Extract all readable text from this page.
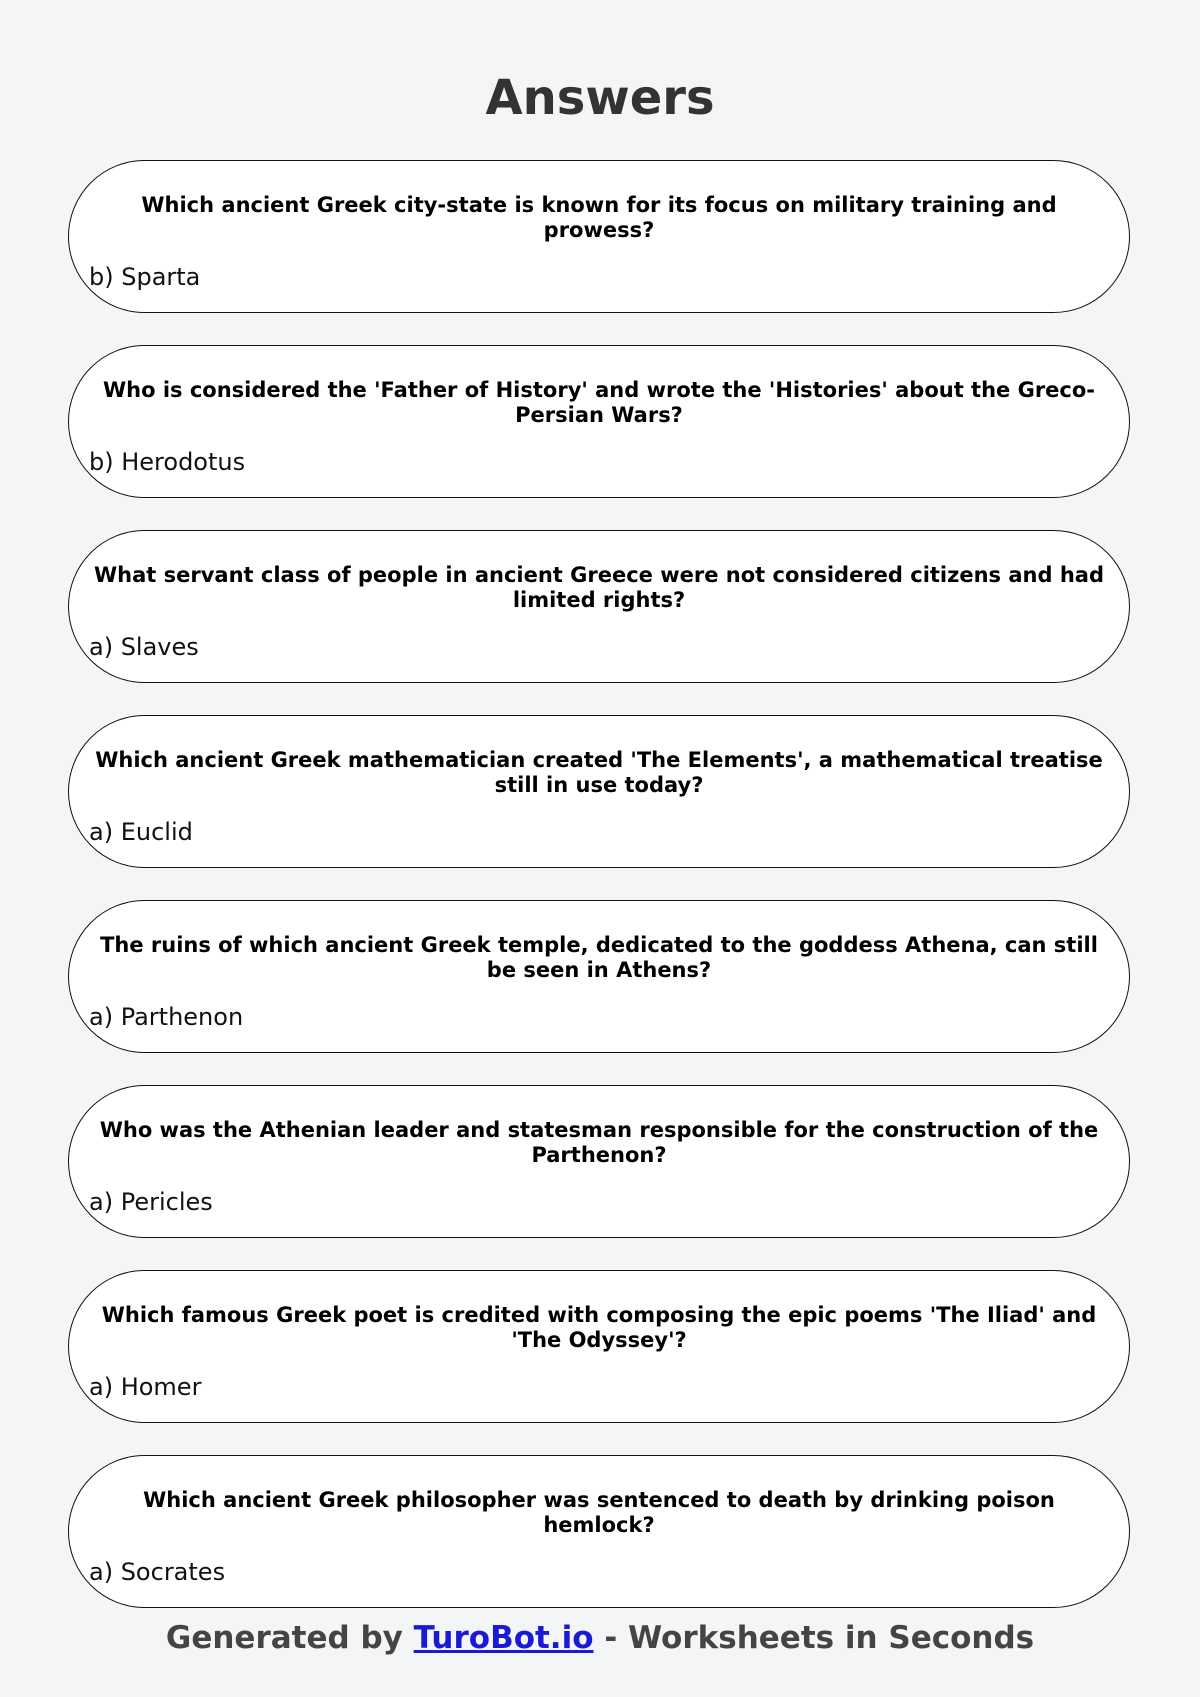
Answers
Which ancient Greek city-state is known for its focus on military training and prowess?
b) Sparta
Who is considered the 'Father of History' and wrote the 'Histories' about the Greco-Persian Wars?
b) Herodotus
What servant class of people in ancient Greece were not considered citizens and had limited rights?
a) Slaves
Which ancient Greek mathematician created 'The Elements', a mathematical treatise still in use today?
a) Euclid
The ruins of which ancient Greek temple, dedicated to the goddess Athena, can still be seen in Athens?
a) Parthenon
Who was the Athenian leader and statesman responsible for the construction of the Parthenon?
a) Pericles
Which famous Greek poet is credited with composing the epic poems 'The Iliad' and 'The Odyssey'?
a) Homer
Which ancient Greek philosopher was sentenced to death by drinking poison hemlock?
a) Socrates
Generated by TuroBot.io - Worksheets in Seconds
